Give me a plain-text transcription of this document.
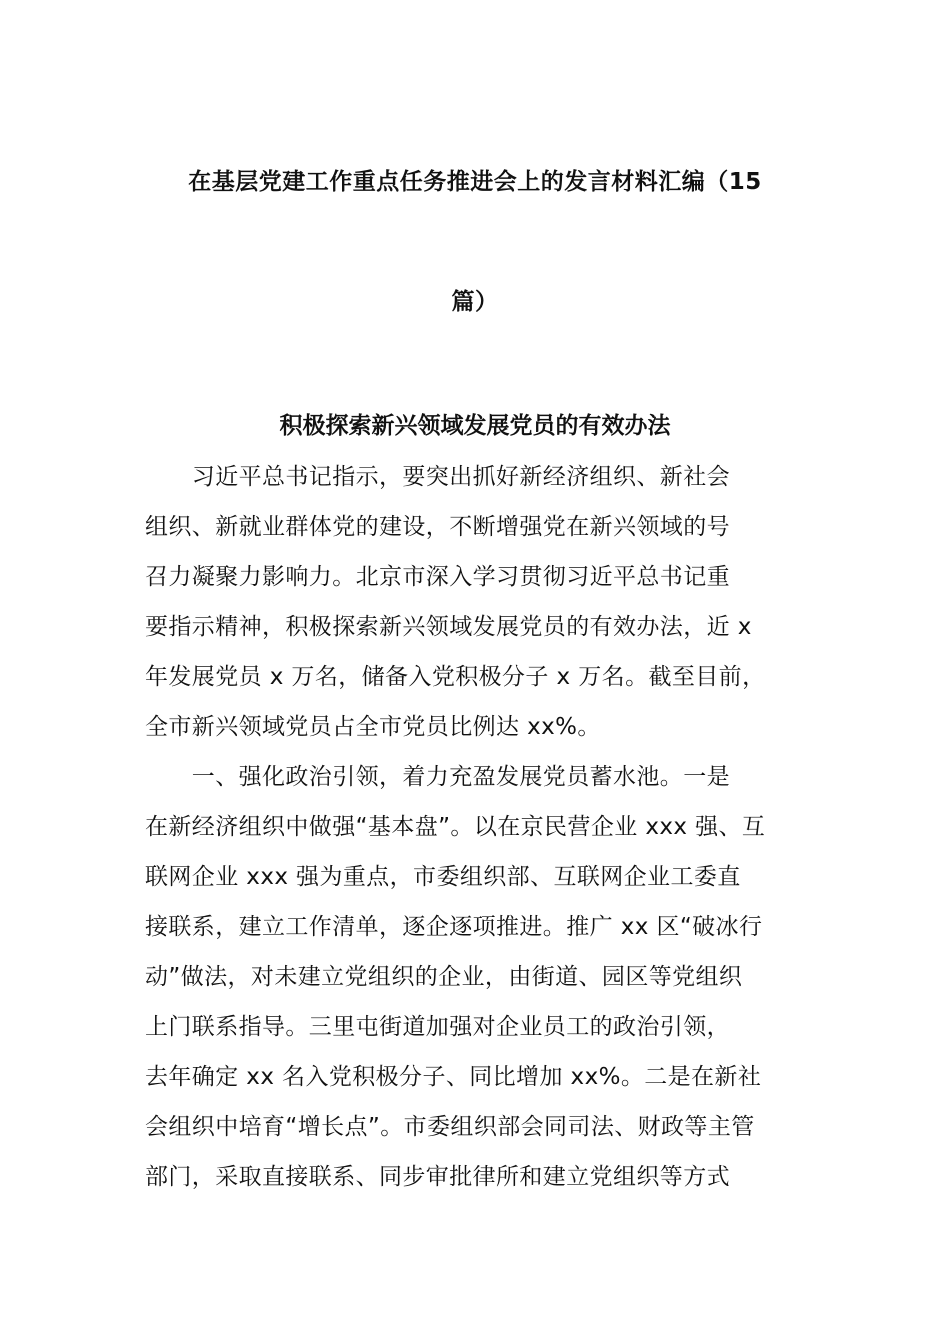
在基层党建工作重点任务推进会上的发言材料汇编（15
篇）
积极探索新兴领域发展党员的有效办法
　　习近平总书记指示，要突出抓好新经济组织、新社会
组织、新就业群体党的建设，不断增强党在新兴领域的号
召力凝聚力影响力。北京市深入学习贯彻习近平总书记重
要指示精神，积极探索新兴领域发展党员的有效办法，近 x
年发展党员 x 万名，储备入党积极分子 x 万名。截至目前，
全市新兴领域党员占全市党员比例达 xx%。
　　一、强化政治引领，着力充盈发展党员蓄水池。一是
在新经济组织中做强“基本盘”。以在京民营企业 xxx 强、互
联网企业 xxx 强为重点，市委组织部、互联网企业工委直
接联系，建立工作清单，逐企逐项推进。推广 xx 区“破冰行
动”做法，对未建立党组织的企业，由街道、园区等党组织
上门联系指导。三里屯街道加强对企业员工的政治引领，
去年确定 xx 名入党积极分子、同比增加 xx%。二是在新社
会组织中培育“增长点”。市委组织部会同司法、财政等主管
部门，采取直接联系、同步审批律所和建立党组织等方式
